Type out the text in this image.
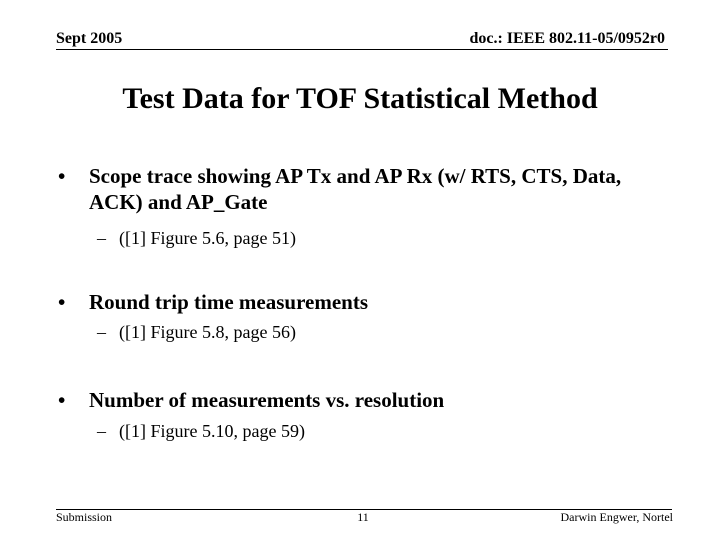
Sept 2005	doc.: IEEE 802.11-05/0952r0
Test Data for TOF Statistical Method
• Scope trace showing AP Tx and AP Rx (w/ RTS, CTS, Data, ACK) and AP_Gate
– ([1] Figure 5.6, page 51)
• Round trip time measurements
– ([1] Figure 5.8, page 56)
• Number of measurements vs. resolution
– ([1] Figure 5.10, page 59)
Submission	11	Darwin Engwer, Nortel
